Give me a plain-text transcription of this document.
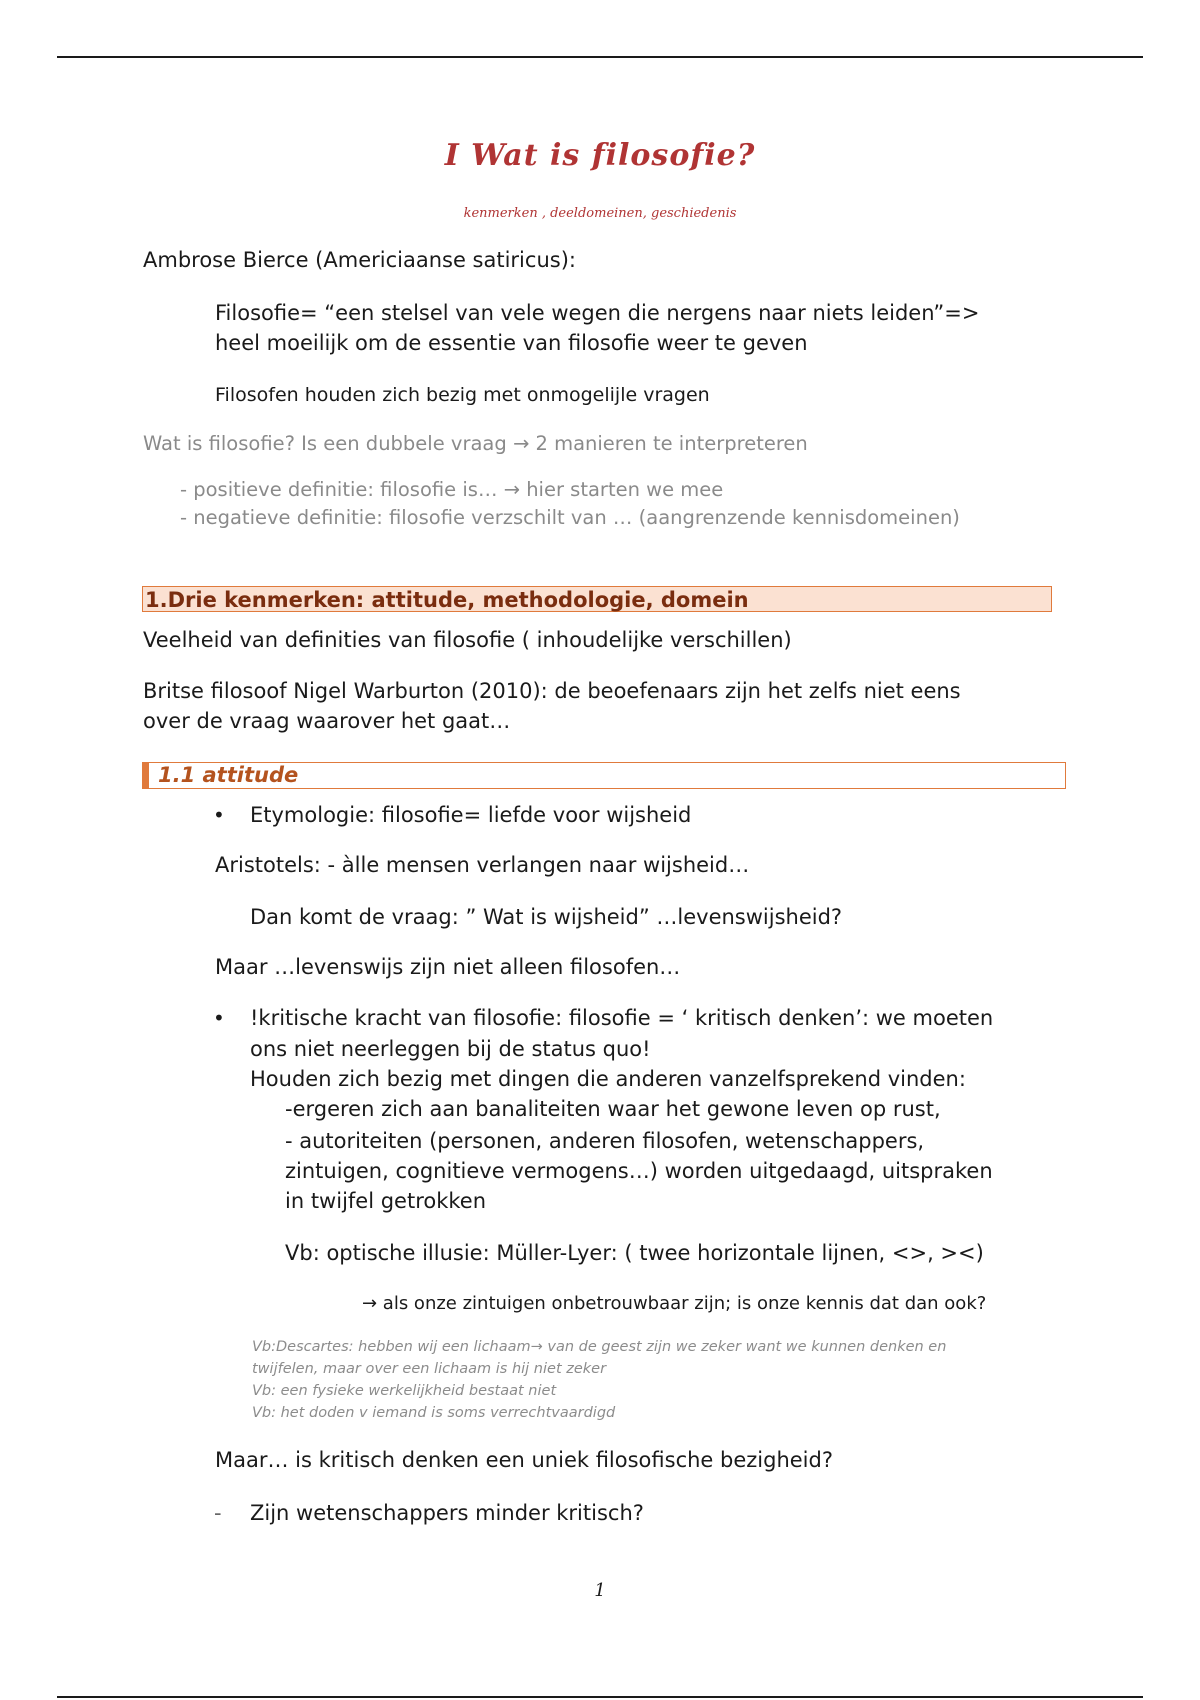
I Wat is filosofie?
kenmerken , deeldomeinen, geschiedenis

Ambrose Bierce (Americiaanse satiricus):

Filosofie= “een stelsel van vele wegen die nergens naar niets leiden”=>

heel moeilijk om de essentie van filosofie weer te geven

Filosofen houden zich bezig met onmogelijle vragen

Wat is filosofie? Is een dubbele vraag → 2 manieren te interpreteren

- positieve definitie: filosofie is… → hier starten we mee

- negatieve definitie: filosofie verzschilt van … (aangrenzende kennisdomeinen)

1.Drie kenmerken: attitude, methodologie, domein

Veelheid van definities van filosofie ( inhoudelijke verschillen)

Britse filosoof Nigel Warburton (2010): de beoefenaars zijn het zelfs niet eens

over de vraag waarover het gaat…

1.1 attitude
• Etymologie: filosofie= liefde voor wijsheid

Aristotels: - àlle mensen verlangen naar wijsheid…

Dan komt de vraag: ” Wat is wijsheid” …levenswijsheid?

Maar …levenswijs zijn niet alleen filosofen…

• !kritische kracht van filosofie: filosofie = ‘ kritisch denken’: we moeten

ons niet neerleggen bij de status quo!

Houden zich bezig met dingen die anderen vanzelfsprekend vinden:

-ergeren zich aan banaliteiten waar het gewone leven op rust,

- autoriteiten (personen, anderen filosofen, wetenschappers,

zintuigen, cognitieve vermogens…) worden uitgedaagd, uitspraken

in twijfel getrokken

Vb: optische illusie: Müller-Lyer: ( twee horizontale lijnen, <>, ><)

→ als onze zintuigen onbetrouwbaar zijn; is onze kennis dat dan ook?

Vb:Descartes: hebben wij een lichaam→ van de geest zijn we zeker want we kunnen denken en

twijfelen, maar over een lichaam is hij niet zeker

Vb: een fysieke werkelijkheid bestaat niet

Vb: het doden v iemand is soms verrechtvaardigd

Maar… is kritisch denken een uniek filosofische bezigheid?

- Zijn wetenschappers minder kritisch?

1
